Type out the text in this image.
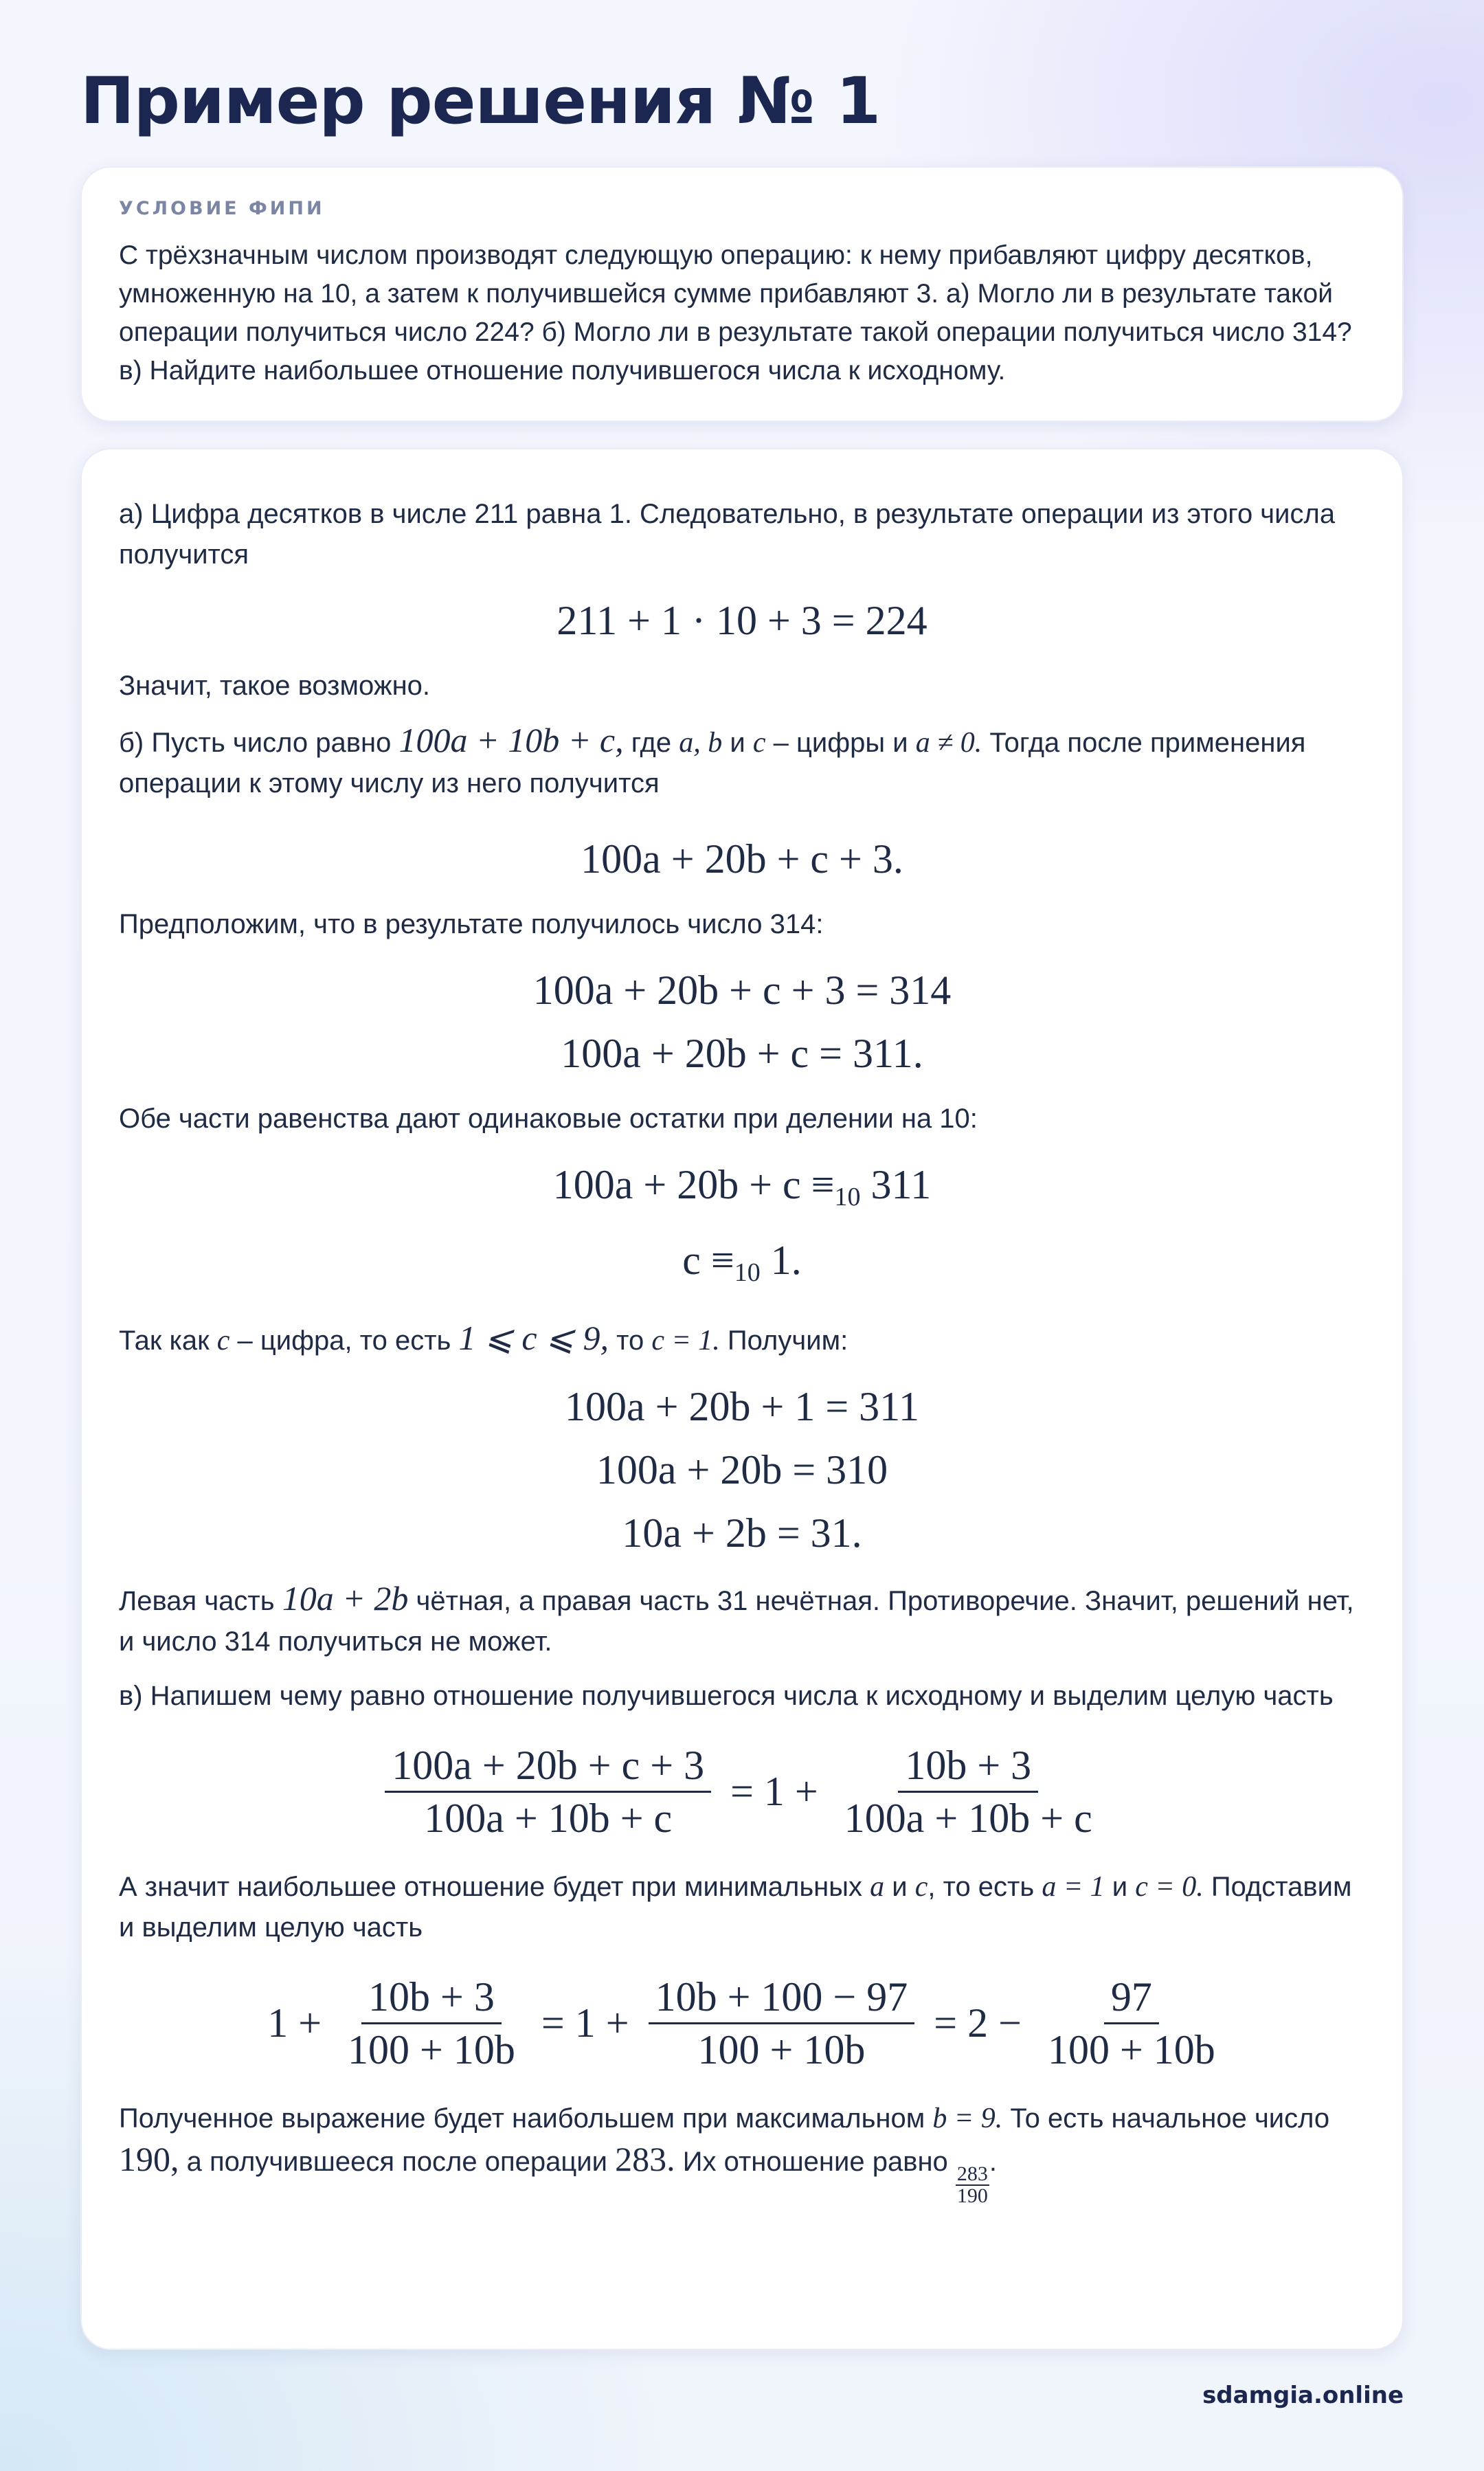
Пример решения № 1
УСЛОВИЕ ФИПИ

С трёхзначным числом производят следующую операцию: к нему прибавляют цифру десятков, умноженную на 10, а затем к получившейся сумме прибавляют 3. а) Могло ли в результате такой операции получиться число 224? б) Могло ли в результате такой операции получиться число 314? в) Найдите наибольшее отношение получившегося числа к исходному.

а) Цифра десятков в числе 211 равна 1. Следовательно, в результате операции из этого числа получится

211 + 1 · 10 + 3 = 224

Значит, такое возможно.

б) Пусть число равно 100a + 10b + c, где a, b и c – цифры и a ≠ 0. Тогда после применения операции к этому числу из него получится

100a + 20b + c + 3.

Предположим, что в результате получилось число 314:

100a + 20b + c + 3 = 314

100a + 20b + c = 311.

Обе части равенства дают одинаковые остатки при делении на 10:

$100a + 20b + c \equiv_{10}$ 311

$c \equiv_{10}$ 1.

Так как c – цифра, то есть 1 ⩽ c ⩽ 9, то c = 1. Получим:

100a + 20b + 1 = 311

100a + 20b = 310

10a + 2b = 31.

Левая часть 10a + 2b чётная, а правая часть 31 нечётная. Противоречие. Значит, решений нет, и число 314 получиться не может.

в) Напишем чему равно отношение получившегося числа к исходному и выделим целую часть

$\frac{100a + 20b + c + 3}{100a + 10b + c} = 1 + \frac{10b + 3}{100a + 10b + c}$

А значит наибольшее отношение будет при минимальных a и c, то есть a = 1 и c = 0. Подставим и выделим целую часть

$1 + \frac{10b + 3}{100 + 10b} = 1 + \frac{10b + 100 - 97}{100 + 10b} = 2 - \frac{97}{100 + 10b}$

Полученное выражение будет наибольшем при максимальном b = 9. То есть начальное число 190, а получившееся после операции 283. Их отношение равно
$\frac{283}{190}$
.

sdamgia.online
